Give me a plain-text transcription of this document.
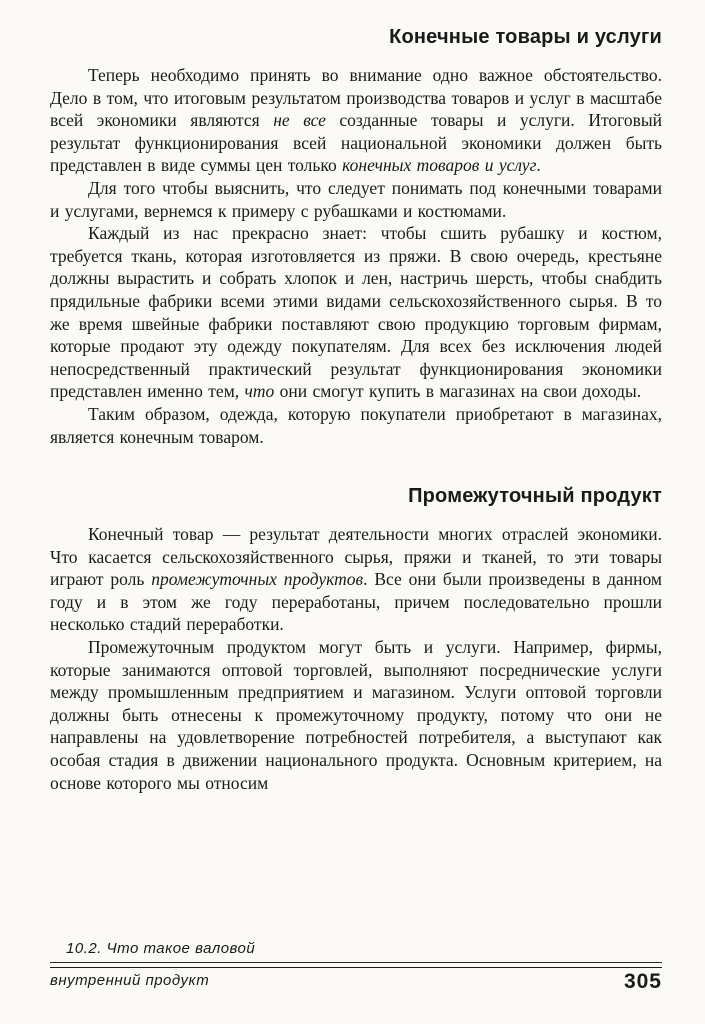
Конечные товары и услуги

Теперь необходимо принять во внимание одно важное обстоятельство. Дело в том, что итоговым результатом производства товаров и услуг в масштабе всей экономики являются не все созданные товары и услуги. Итоговый результат функционирования всей национальной экономики должен быть представлен в виде суммы цен только конечных товаров и услуг.

Для того чтобы выяснить, что следует понимать под конечными товарами и услугами, вернемся к примеру с рубашками и костюмами.

Каждый из нас прекрасно знает: чтобы сшить рубашку и костюм, требуется ткань, которая изготовляется из пряжи. В свою очередь, крестьяне должны вырастить и собрать хлопок и лен, настричь шерсть, чтобы снабдить прядильные фабрики всеми этими видами сельскохозяйственного сырья. В то же время швейные фабрики поставляют свою продукцию торговым фирмам, которые продают эту одежду покупателям. Для всех без исключения людей непосредственный практический результат функционирования экономики представлен именно тем, что они смогут купить в магазинах на свои доходы.

Таким образом, одежда, которую покупатели приобретают в магазинах, является конечным товаром.

Промежуточный продукт

Конечный товар — результат деятельности многих отраслей экономики. Что касается сельскохозяйственного сырья, пряжи и тканей, то эти товары играют роль промежуточных продуктов. Все они были произведены в данном году и в этом же году переработаны, причем последовательно прошли несколько стадий переработки.

Промежуточным продуктом могут быть и услуги. Например, фирмы, которые занимаются оптовой торговлей, выполняют посреднические услуги между промышленным предприятием и магазином. Услуги оптовой торговли должны быть отнесены к промежуточному продукту, потому что они не направлены на удовлетворение потребностей потребителя, а выступают как особая стадия в движении национального продукта. Основным критерием, на основе которого мы относим

10.2. Что такое валовой
внутренний продукт	305
